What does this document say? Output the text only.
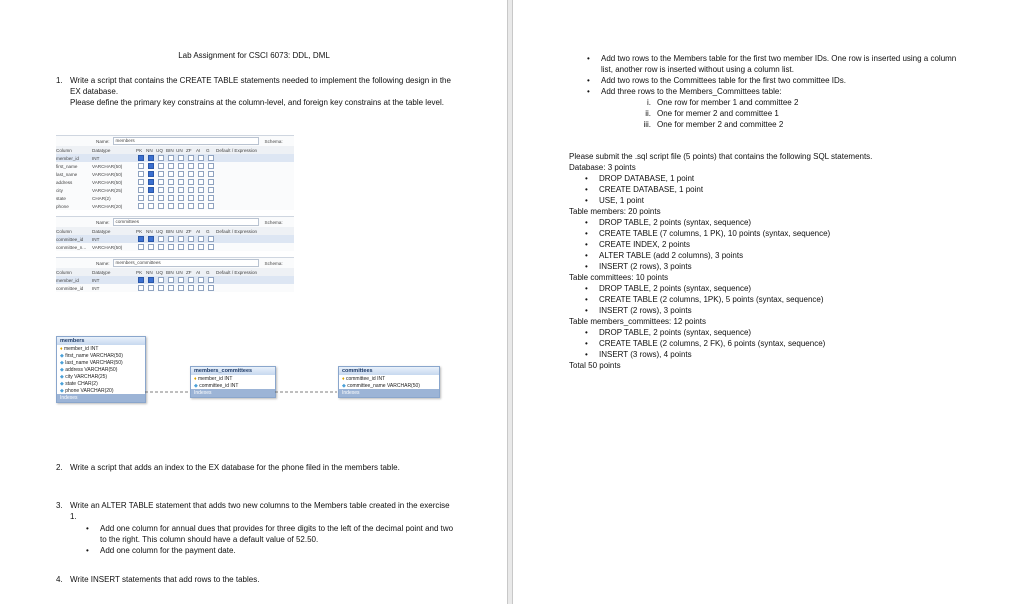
Lab Assignment for CSCI 6073: DDL, DML
1. Write a script that contains the CREATE TABLE statements needed to implement the following design in the EX database.

Please define the primary key constrains at the column-level, and foreign key constrains at the table level.

Name:	members	Schema:
Column	Datatype	PK NN UQ BIN UN ZF AI	G	Default / Expression
member_id	INT
first_name	VARCHAR(50)
last_name	VARCHAR(50)
address	VARCHAR(50)
city	VARCHAR(25)
state	CHAR(2)
phone	VARCHAR(20)
Name:	committees	Schema:
Column	Datatype	PK NN UQ BIN UN ZF AI	G	Default / Expression
committee_id	INT
committee_n...	VARCHAR(50)
Name:	members_committees	Schema:
Column	Datatype	PK NN UQ BIN UN ZF AI	G	Default / Expression
member_id	INT
committee_id	INT
members
♦ member_id INT
◆ first_name VARCHAR(50)
◆ last_name VARCHAR(50)
◆ address VARCHAR(50)
◆ city VARCHAR(25)
◆ state CHAR(2)
◆ phone VARCHAR(20)
Indexes
members_committees
♦ member_id INT
◆ committee_id INT
Indexes
committees
♦ committee_id INT
◆ committee_name VARCHAR(50)
Indexes
2. Write a script that adds an index to the EX database for the phone filed in the members table.

3. Write an ALTER TABLE statement that adds two new columns to the Members table created in the exercise 1.

• Add one column for annual dues that provides for three digits to the left of the decimal point and two to the right. This column should have a default value of 52.50.
• Add one column for the payment date.
4. Write INSERT statements that add rows to the tables.

• Add two rows to the Members table for the first two member IDs. One row is inserted using a column list, another row is inserted without using a column list.
• Add two rows to the Committees table for the first two committee IDs.
• Add three rows to the Members_Committees table:
i. One row for member 1 and committee 2
ii. One for memer 2 and committee 1
iii. One for member 2 and committee 2

Please submit the .sql script file (5 points) that contains the following SQL statements.

Database: 3 points

• DROP DATABASE, 1 point
• CREATE DATABASE, 1 point
• USE, 1 point

Table members: 20 points

• DROP TABLE, 2 points (syntax, sequence)
• CREATE TABLE (7 columns, 1 PK), 10 points (syntax, sequence)
• CREATE INDEX, 2 points
• ALTER TABLE (add 2 columns), 3 points
• INSERT (2 rows), 3 points

Table committees: 10 points

• DROP TABLE, 2 points (syntax, sequence)
• CREATE TABLE (2 columns, 1PK), 5 points (syntax, sequence)
• INSERT (2 rows), 3 points

Table members_committees: 12 points

• DROP TABLE, 2 points (syntax, sequence)
• CREATE TABLE (2 columns, 2 FK), 6 points (syntax, sequence)
• INSERT (3 rows), 4 points

Total 50 points
